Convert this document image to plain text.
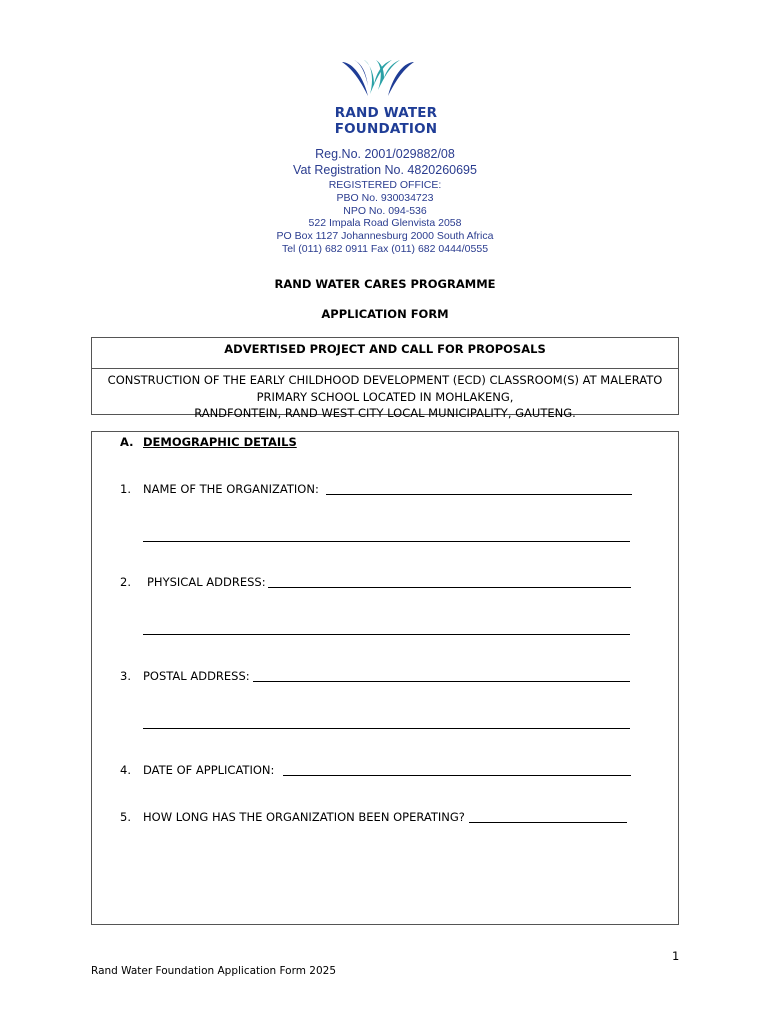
RAND WATER
FOUNDATION
Reg.No. 2001/029882/08
Vat Registration No. 4820260695
REGISTERED OFFICE:
PBO No. 930034723
NPO No. 094-536
522 Impala Road Glenvista 2058
PO Box 1127 Johannesburg 2000 South Africa
Tel (011) 682 0911 Fax (011) 682 0444/0555
RAND WATER CARES PROGRAMME
APPLICATION FORM
ADVERTISED PROJECT AND CALL FOR PROPOSALS
CONSTRUCTION OF THE EARLY CHILDHOOD DEVELOPMENT (ECD) CLASSROOM(S) AT MALERATO
PRIMARY SCHOOL LOCATED IN MOHLAKENG,
RANDFONTEIN, RAND WEST CITY LOCAL MUNICIPALITY, GAUTENG.
A. DEMOGRAPHIC DETAILS
1. NAME OF THE ORGANIZATION:
2. PHYSICAL ADDRESS:
3. POSTAL ADDRESS:
4. DATE OF APPLICATION:
5. HOW LONG HAS THE ORGANIZATION BEEN OPERATING?
1
Rand Water Foundation Application Form 2025
